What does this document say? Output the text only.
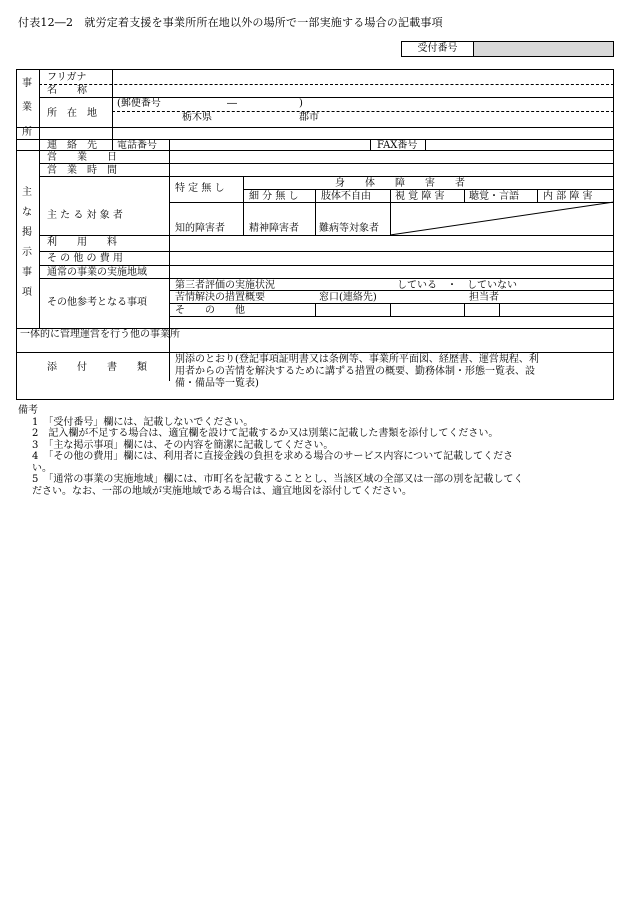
付表12―2　就労定着支援を事業所所在地以外の場所で一部実施する場合の記載事項
受付番号
事
業
所
フリガナ
名　　称
所　在　地
(郵便番号	―	)
栃木県	郡市
連　絡　先 電話番号	FAX番号
主
な
掲
示
事
項
営　　業　　日
営　業　時　間
主 た る 対 象 者
特 定 無 し	身　　体　　障　　害　　者
細 分 無 し 肢体不自由 視 覚 障 害 聴覚・言語 内 部 障 害
知的障害者 精神障害者 難病等対象者
利　　用　　料
そ の 他 の 費 用
通常の事業の実施地域
その他参考となる事項
第三者評価の実施状況	している　・　していない
苦情解決の措置概要	窓口(連絡先)	担当者
そ　　の　　他
一体的に管理運営を行う他の事業所
添　　付　　書　　類
別添のとおり(登記事項証明書又は条例等、事業所平面図、経歴書、運営規程、利
用者からの苦情を解決するために講ずる措置の概要、勤務体制・形態一覧表、設
備・備品等一覧表)
備考
1　「受付番号」欄には、記載しないでください。
2　記入欄が不足する場合は、適宜欄を設けて記載するか又は別葉に記載した書類を添付してください。
3　「主な掲示事項」欄には、その内容を簡潔に記載してください。
4　「その他の費用」欄には、利用者に直接金銭の負担を求める場合のサービス内容について記載してくださ
い。
5　「通常の事業の実施地域」欄には、市町名を記載することとし、当該区域の全部又は一部の別を記載してく
ださい。なお、一部の地域が実施地域である場合は、適宜地図を添付してください。
